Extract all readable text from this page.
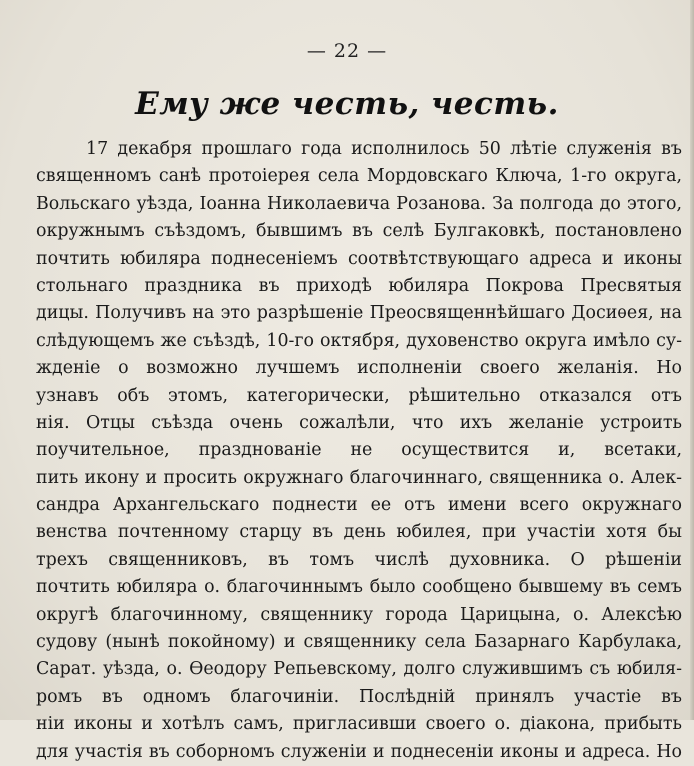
— 22 —
Ему же честь, честь.
17 декабря прошлаго года исполнилось 50 лѣтіе служенія въ
священномъ санѣ протоіерея села Мордовскаго Ключа, 1-го округа,
Вольскаго уѣзда, Іоанна Николаевича Розанова. За полгода до этого,
окружнымъ съѣздомъ, бывшимъ въ селѣ Булгаковкѣ, постановлено
почтить юбиляра поднесеніемъ соотвѣтствующаго адреса и иконы
стольнаго праздника въ приходѣ юбиляра Покрова Пресвятыя
дицы. Получивъ на это разрѣшеніе Преосвященнѣйшаго Досиѳея, на
слѣдующемъ же съѣздѣ, 10-го октября, духовенство округа имѣло су-
жденіе о возможно лучшемъ исполненіи своего желанія. Но
узнавъ объ этомъ, категорически, рѣшительно отказался отъ
нія. Отцы съѣзда очень сожалѣли, что ихъ желаніе устроить
поучительное, празднованіе не осуществится и, всетаки,
пить икону и просить окружнаго благочиннаго, священника о. Алек-
сандра Архангельскаго поднести ее отъ имени всего окружнаго
венства почтенному старцу въ день юбилея, при участіи хотя бы
трехъ священниковъ, въ томъ числѣ духовника. О рѣшеніи
почтить юбиляра о. благочиннымъ было сообщено бывшему въ семъ
округѣ благочинному, священнику города Царицына, о. Алексѣю
судову (нынѣ покойному) и священнику села Базарнаго Карбулака,
Сарат. уѣзда, о. Ѳеодору Репьевскому, долго служившимъ съ юбиля-
ромъ въ одномъ благочиніи. Послѣдній принялъ участіе въ
ніи иконы и хотѣлъ самъ, пригласивши своего о. діакона, прибыть
для участія въ соборномъ служеніи и поднесеніи иконы и адреса. Но
